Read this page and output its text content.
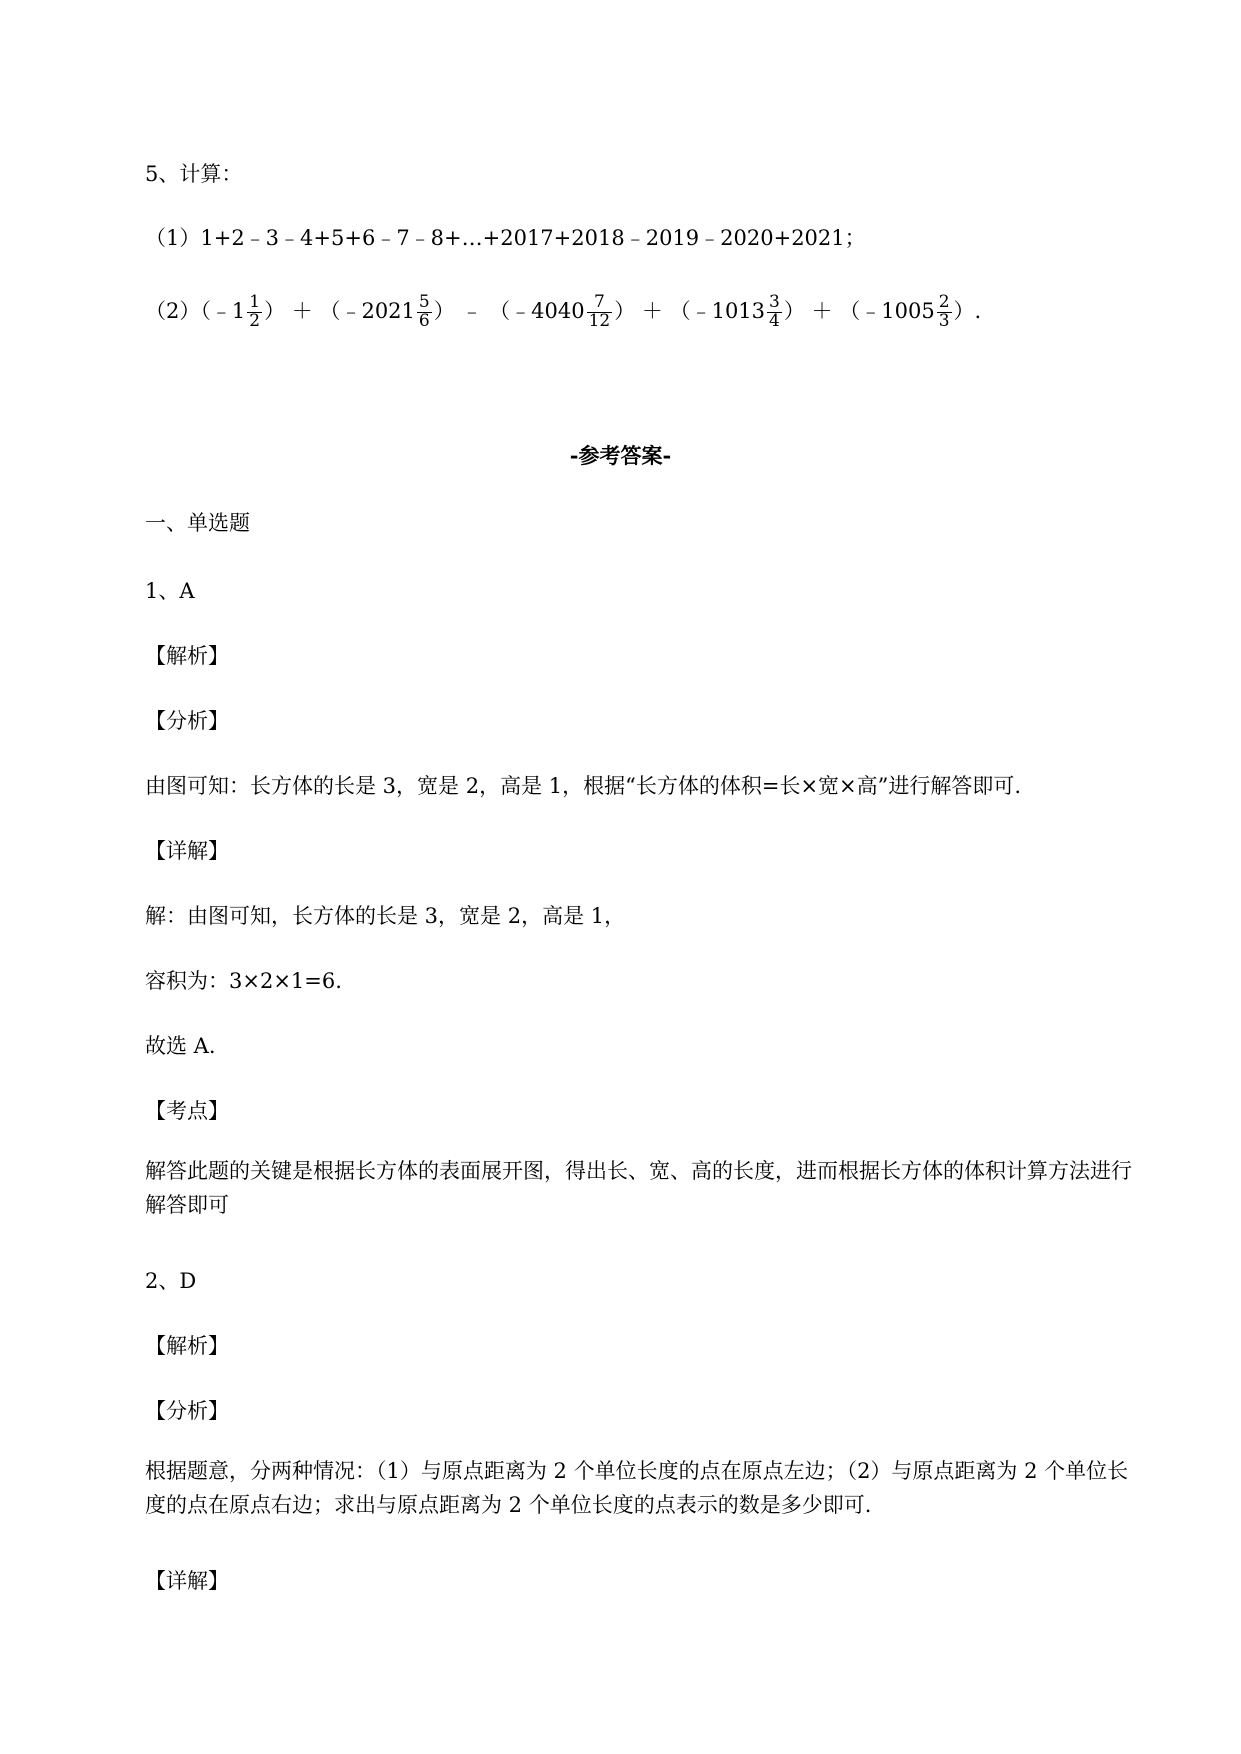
5、计算：
（1）1+2﹣3﹣4+5+6﹣7﹣8+…+2017+2018﹣2019﹣2020+2021；
（2）（﹣1 $\frac{1}{2}$ ） ＋ （﹣2021 $\frac{5}{6}$ ） ﹣ （﹣4040 $\frac{7}{12}$ ） ＋ （﹣1013 $\frac{3}{4}$ ） ＋ （﹣1005 $\frac{2}{3}$ ）.
-参考答案-
一、单选题
1、A
【解析】
【分析】
由图可知：长方体的长是 3，宽是 2，高是 1，根据“长方体的体积=长×宽×高”进行解答即可.
【详解】
解：由图可知，长方体的长是 3，宽是 2，高是 1，
容积为：3×2×1=6.
故选 A.
【考点】
解答此题的关键是根据长方体的表面展开图，得出长、宽、高的长度，进而根据长方体的体积计算方法进行解答即可
2、D
【解析】
【分析】
根据题意，分两种情况：（1）与原点距离为 2 个单位长度的点在原点左边；（2）与原点距离为 2 个单位长度的点在原点右边；求出与原点距离为 2 个单位长度的点表示的数是多少即可.
【详解】
